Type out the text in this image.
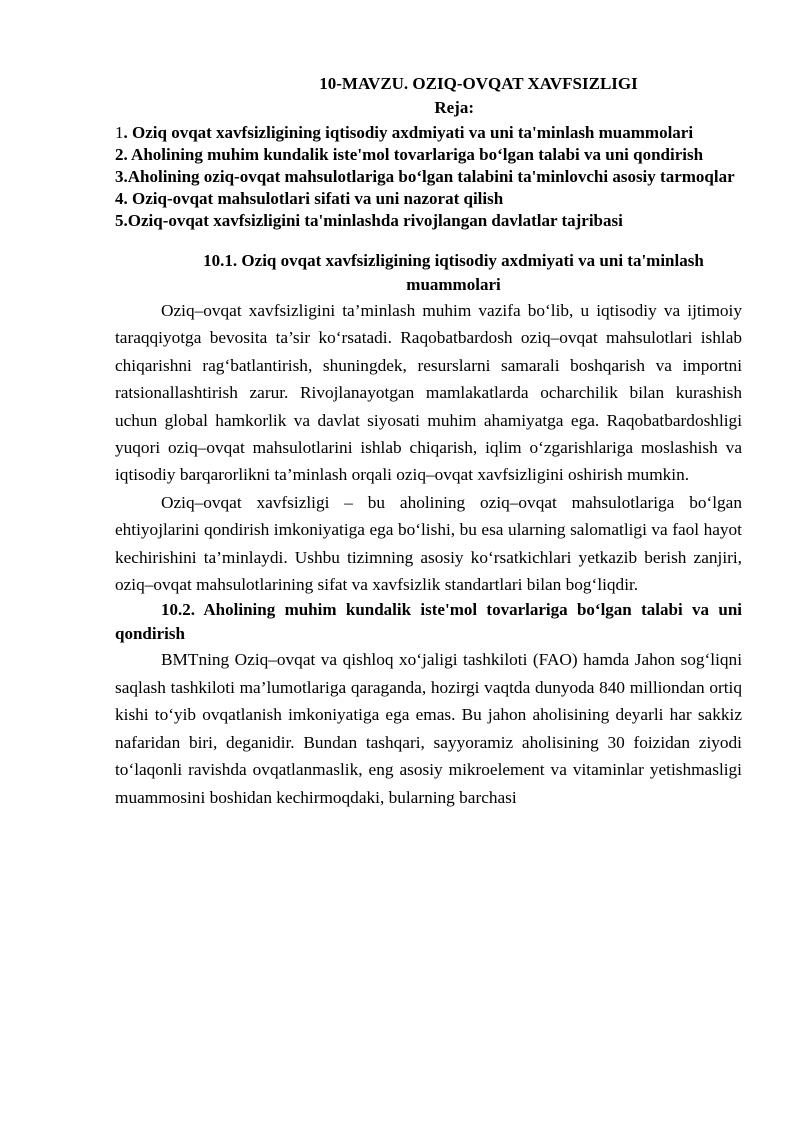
10-MAVZU. OZIQ-OVQAT XAVFSIZLIGI

Reja:

1. Oziq ovqat xavfsizligining iqtisodiy axdmiyati va uni ta'minlash muammolari

2. Aholining muhim kundalik iste'mol tovarlariga bo‘lgan talabi va uni qondirish

3.Aholining oziq-ovqat mahsulotlariga bo‘lgan talabini ta'minlovchi asosiy tarmoqlar

4. Oziq-ovqat mahsulotlari sifati va uni nazorat qilish

5.Oziq-ovqat xavfsizligini ta'minlashda rivojlangan davlatlar tajribasi

10.1. Oziq ovqat xavfsizligining iqtisodiy axdmiyati va uni ta'minlash muammolari

Oziq–ovqat xavfsizligini ta’minlash muhim vazifa bo‘lib, u iqtisodiy va ijtimoiy taraqqiyotga bevosita ta’sir ko‘rsatadi. Raqobatbardosh oziq–ovqat mahsulotlari ishlab chiqarishni rag‘batlantirish, shuningdek, resurslarni samarali boshqarish va importni ratsionallashtirish zarur. Rivojlanayotgan mamlakatlarda ocharchilik bilan kurashish uchun global hamkorlik va davlat siyosati muhim ahamiyatga ega. Raqobatbardoshligi yuqori oziq–ovqat mahsulotlarini ishlab chiqarish, iqlim o‘zgarishlariga moslashish va iqtisodiy barqarorlikni ta’minlash orqali oziq–ovqat xavfsizligini oshirish mumkin.

Oziq–ovqat xavfsizligi – bu aholining oziq–ovqat mahsulotlariga bo‘lgan ehtiyojlarini qondirish imkoniyatiga ega bo‘lishi, bu esa ularning salomatligi va faol hayot kechirishini ta’minlaydi. Ushbu tizimning asosiy ko‘rsatkichlari yetkazib berish zanjiri, oziq–ovqat mahsulotlarining sifat va xavfsizlik standartlari bilan bog‘liqdir.

10.2. Aholining muhim kundalik iste'mol tovarlariga bo‘lgan talabi va uni qondirish

BMTning Oziq–ovqat va qishloq xo‘jaligi tashkiloti (FAO) hamda Jahon sog‘liqni saqlash tashkiloti ma’lumotlariga qaraganda, hozirgi vaqtda dunyoda 840 milliondan ortiq kishi to‘yib ovqatlanish imkoniyatiga ega emas. Bu jahon aholisining deyarli har sakkiz nafaridan biri, deganidir. Bundan tashqari, sayyoramiz aholisining 30 foizidan ziyodi to‘laqonli ravishda ovqatlanmaslik, eng asosiy mikroelement va vitaminlar yetishmasligi muammosini boshidan kechirmoqdaki, bularning barchasi
